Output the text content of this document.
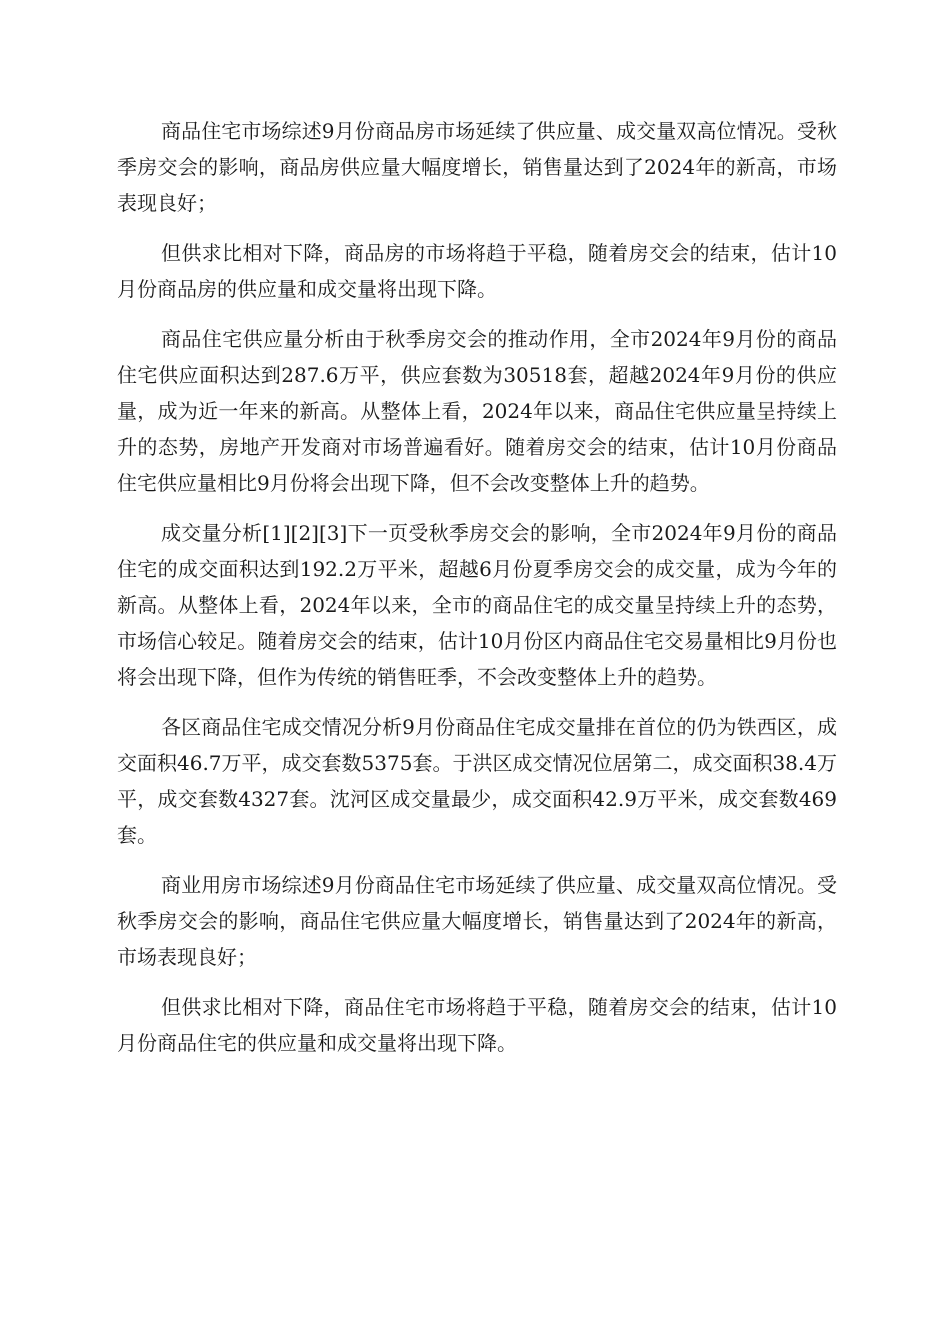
商品住宅市场综述9月份商品房市场延续了供应量、成交量双高位情况。受秋季房交会的影响，商品房供应量大幅度增长，销售量达到了2024年的新高，市场表现良好；

但供求比相对下降，商品房的市场将趋于平稳，随着房交会的结束，估计10月份商品房的供应量和成交量将出现下降。

商品住宅供应量分析由于秋季房交会的推动作用，全市2024年9月份的商品住宅供应面积达到287.6万平，供应套数为30518套，超越2024年9月份的供应量，成为近一年来的新高。从整体上看，2024年以来，商品住宅供应量呈持续上升的态势，房地产开发商对市场普遍看好。随着房交会的结束，估计10月份商品住宅供应量相比9月份将会出现下降，但不会改变整体上升的趋势。

成交量分析[1][2][3]下一页受秋季房交会的影响，全市2024年9月份的商品住宅的成交面积达到192.2万平米，超越6月份夏季房交会的成交量，成为今年的新高。从整体上看，2024年以来，全市的商品住宅的成交量呈持续上升的态势，市场信心较足。随着房交会的结束，估计10月份区内商品住宅交易量相比9月份也将会出现下降，但作为传统的销售旺季，不会改变整体上升的趋势。

各区商品住宅成交情况分析9月份商品住宅成交量排在首位的仍为铁西区，成交面积46.7万平，成交套数5375套。于洪区成交情况位居第二，成交面积38.4万平，成交套数4327套。沈河区成交量最少，成交面积42.9万平米，成交套数469套。

商业用房市场综述9月份商品住宅市场延续了供应量、成交量双高位情况。受秋季房交会的影响，商品住宅供应量大幅度增长，销售量达到了2024年的新高，市场表现良好；

但供求比相对下降，商品住宅市场将趋于平稳，随着房交会的结束，估计10月份商品住宅的供应量和成交量将出现下降。
